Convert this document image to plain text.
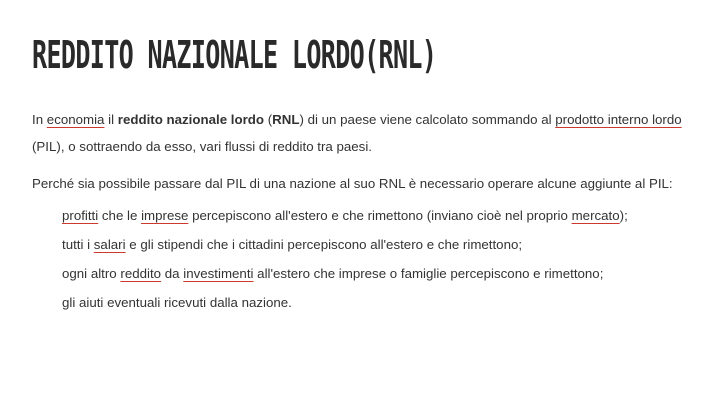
REDDITO NAZIONALE LORDO(RNL)

In economia il reddito nazionale lordo (RNL) di un paese viene calcolato sommando al prodotto interno lordo (PIL), o sottraendo da esso, vari flussi di reddito tra paesi.

Perché sia possibile passare dal PIL di una nazione al suo RNL è necessario operare alcune aggiunte al PIL:

profitti che le imprese percepiscono all'estero e che rimettono (inviano cioè nel proprio mercato);
tutti i salari e gli stipendi che i cittadini percepiscono all'estero e che rimettono;
ogni altro reddito da investimenti all'estero che imprese o famiglie percepiscono e rimettono;
gli aiuti eventuali ricevuti dalla nazione.
